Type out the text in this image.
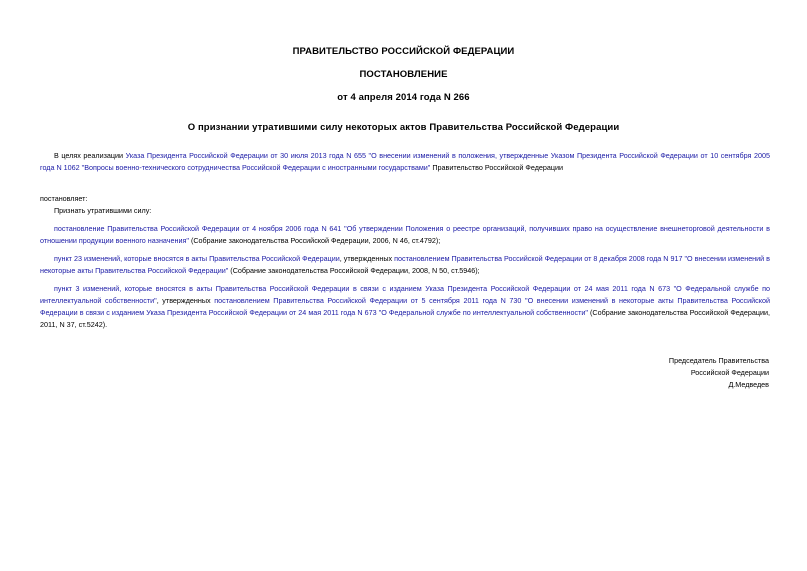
ПРАВИТЕЛЬСТВО РОССИЙСКОЙ ФЕДЕРАЦИИ
ПОСТАНОВЛЕНИЕ
от 4 апреля 2014 года N 266
О признании утратившими силу некоторых актов Правительства Российской Федерации
В целях реализации Указа Президента Российской Федерации от 30 июля 2013 года N 655 "О внесении изменений в положения, утвержденные Указом Президента Российской Федерации от 10 сентября 2005 года N 1062 "Вопросы военно-технического сотрудничества Российской Федерации с иностранными государствами" Правительство Российской Федерации
постановляет:
Признать утратившими силу:
постановление Правительства Российской Федерации от 4 ноября 2006 года N 641 "Об утверждении Положения о реестре организаций, получивших право на осуществление внешнеторговой деятельности в отношении продукции военного назначения" (Собрание законодательства Российской Федерации, 2006, N 46, ст.4792);
пункт 23 изменений, которые вносятся в акты Правительства Российской Федерации, утвержденных постановлением Правительства Российской Федерации от 8 декабря 2008 года N 917 "О внесении изменений в некоторые акты Правительства Российской Федерации" (Собрание законодательства Российской Федерации, 2008, N 50, ст.5946);
пункт 3 изменений, которые вносятся в акты Правительства Российской Федерации в связи с изданием Указа Президента Российской Федерации от 24 мая 2011 года N 673 "О Федеральной службе по интеллектуальной собственности", утвержденных постановлением Правительства Российской Федерации от 5 сентября 2011 года N 730 "О внесении изменений в некоторые акты Правительства Российской Федерации в связи с изданием Указа Президента Российской Федерации от 24 мая 2011 года N 673 "О Федеральной службе по интеллектуальной собственности" (Собрание законодательства Российской Федерации, 2011, N 37, ст.5242).
Председатель Правительства
Российской Федерации
Д.Медведев
